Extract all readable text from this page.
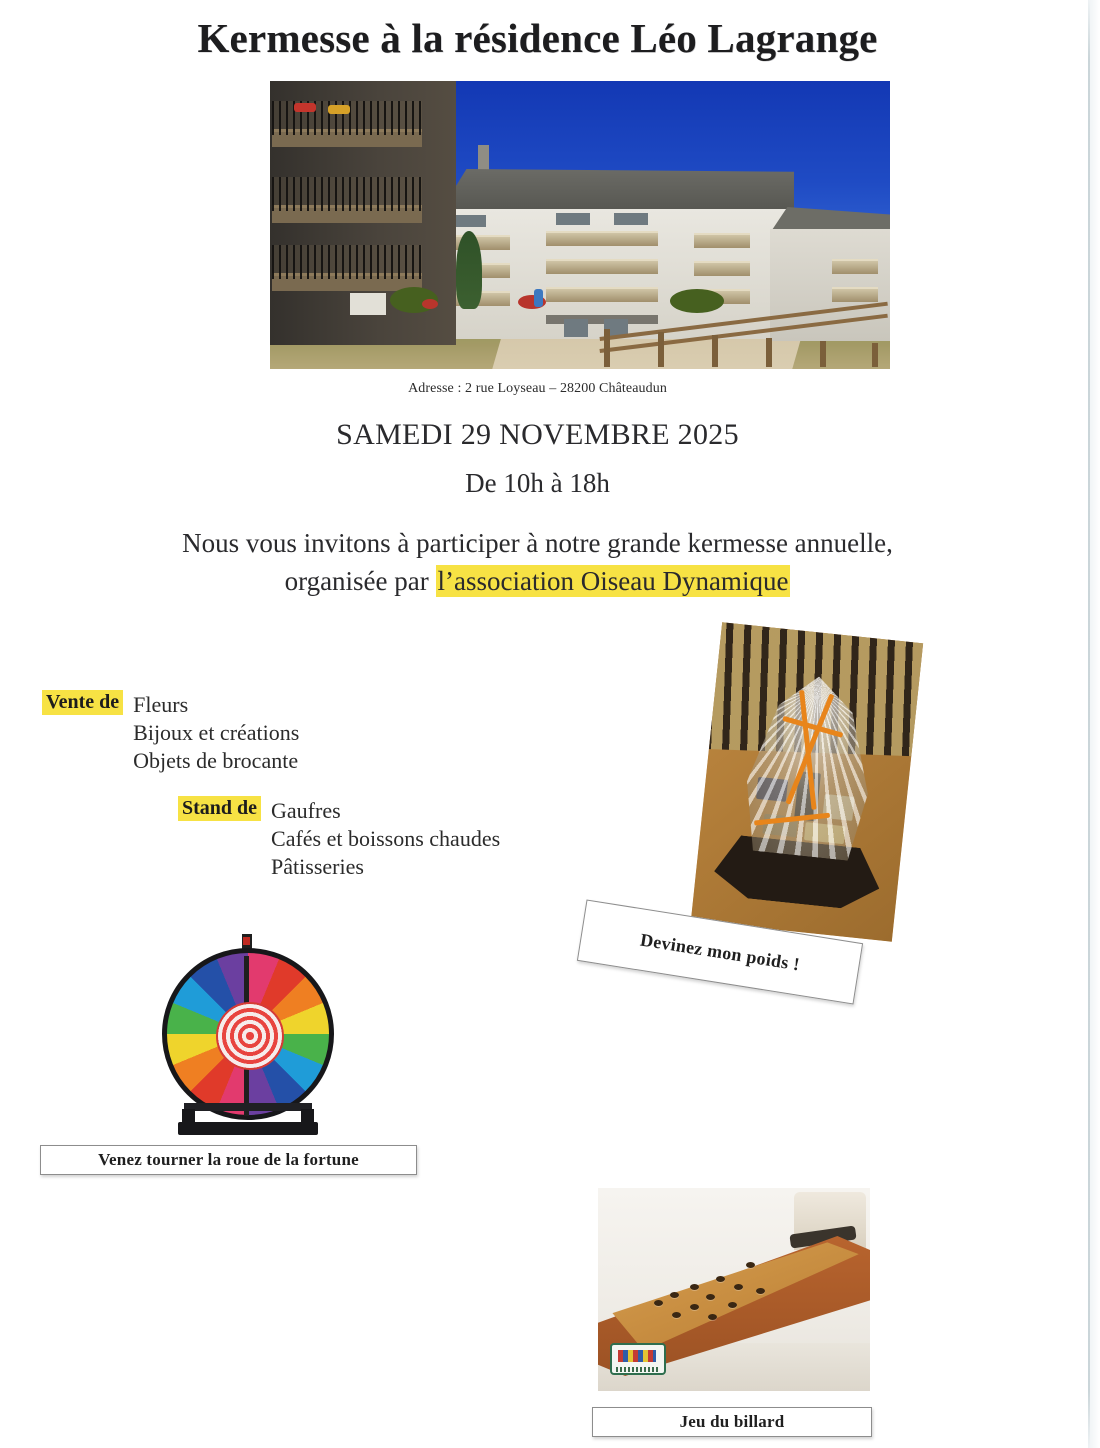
Kermesse à la résidence Léo Lagrange
Adresse : 2 rue Loyseau – 28200 Châteaudun
SAMEDI 29 NOVEMBRE 2025
De 10h à 18h
Nous vous invitons à participer à notre grande kermesse annuelle,
organisée par l’association Oiseau Dynamique
Vente de Fleurs
Bijoux et créations
Objets de brocante
Stand de Gaufres
Cafés et boissons chaudes
Pâtisseries
Devinez mon poids !
Venez tourner la roue de la fortune
Jeu du billard
